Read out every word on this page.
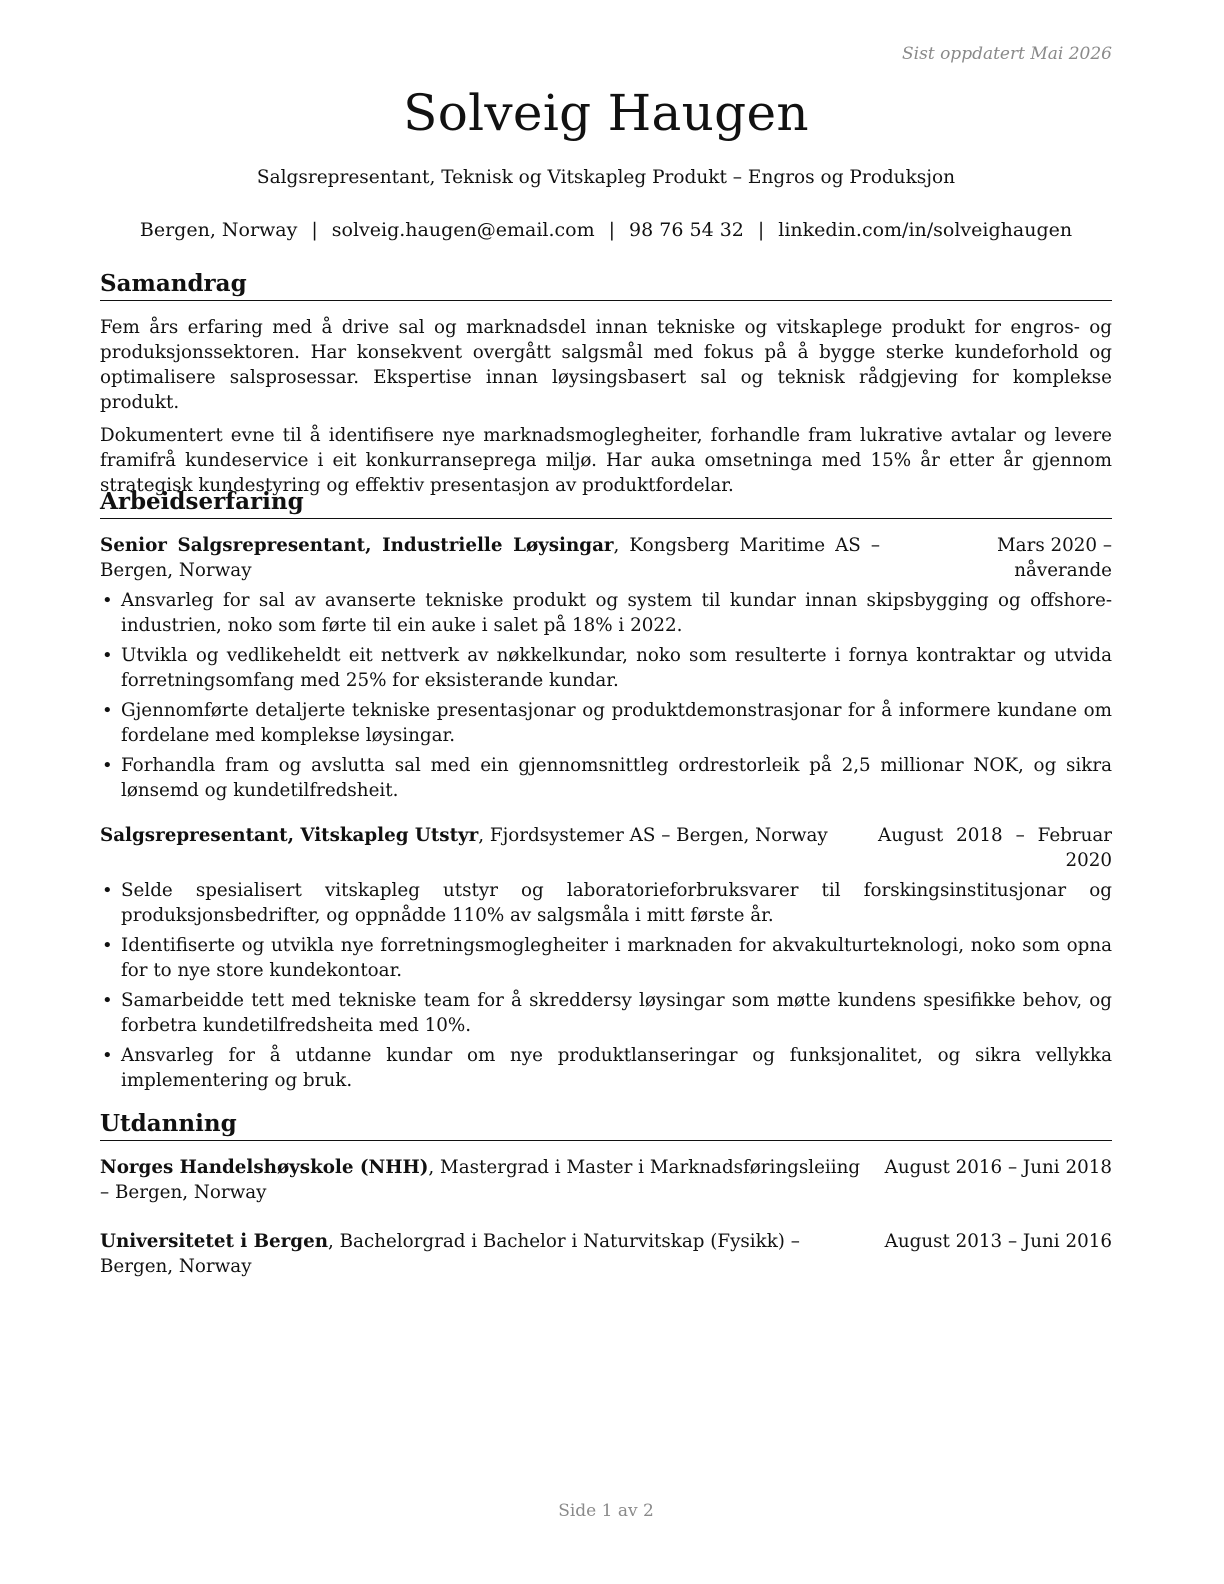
Sist oppdatert Mai 2026
Solveig Haugen
Salgsrepresentant, Teknisk og Vitskapleg Produkt – Engros og Produksjon
Bergen, Norway | solveig.haugen@email.com | 98 76 54 32 | linkedin.com/in/solveighaugen
Samandrag

Fem års erfaring med å drive sal og marknadsdel innan tekniske og vitskaplege produkt for engros- og produksjonssektoren. Har konsekvent overgått salgsmål med fokus på å bygge sterke kundeforhold og optimalisere salsprosessar. Ekspertise innan løysingsbasert sal og teknisk rådgjeving for komplekse produkt.

Dokumentert evne til å identifisere nye marknadsmoglegheiter, forhandle fram lukrative avtalar og levere framifrå kundeservice i eit konkurranseprega miljø. Har auka omsetninga med 15% år etter år gjennom strategisk kundestyring og effektiv presentasjon av produktfordelar.

Arbeidserfaring
Senior Salgsrepresentant, Industrielle Løysingar, Kongsberg Maritime AS – Bergen, Norway
Mars 2020 – nåverande
• Ansvarleg for sal av avanserte tekniske produkt og system til kundar innan skipsbygging og offshore-industrien, noko som førte til ein auke i salet på 18% i 2022.
• Utvikla og vedlikeheldt eit nettverk av nøkkelkundar, noko som resulterte i fornya kontraktar og utvida forretningsomfang med 25% for eksisterande kundar.
• Gjennomførte detaljerte tekniske presentasjonar og produktdemonstrasjonar for å informere kundane om fordelane med komplekse løysingar.
• Forhandla fram og avslutta sal med ein gjennomsnittleg ordrestorleik på 2,5 millionar NOK, og sikra lønsemd og kundetilfredsheit.
Salgsrepresentant, Vitskapleg Utstyr, Fjordsystemer AS – Bergen, Norway	August 2018 – Februar 2020
• Selde spesialisert vitskapleg utstyr og laboratorieforbruksvarer til forskingsinstitusjonar og produksjonsbedrifter, og oppnådde 110% av salgsmåla i mitt første år.
• Identifiserte og utvikla nye forretningsmoglegheiter i marknaden for akvakulturteknologi, noko som opna for to nye store kundekontoar.
• Samarbeidde tett med tekniske team for å skreddersy løysingar som møtte kundens spesifikke behov, og forbetra kundetilfredsheita med 10%.
• Ansvarleg for å utdanne kundar om nye produktlanseringar og funksjonalitet, og sikra vellykka implementering og bruk.
Utdanning
Norges Handelshøyskole (NHH), Mastergrad i Master i Marknadsføringsleiing – Bergen, Norway
August 2016 – Juni 2018
Universitetet i Bergen, Bachelorgrad i Bachelor i Naturvitskap (Fysikk) – Bergen, Norway
August 2013 – Juni 2016
Side 1 av 2
